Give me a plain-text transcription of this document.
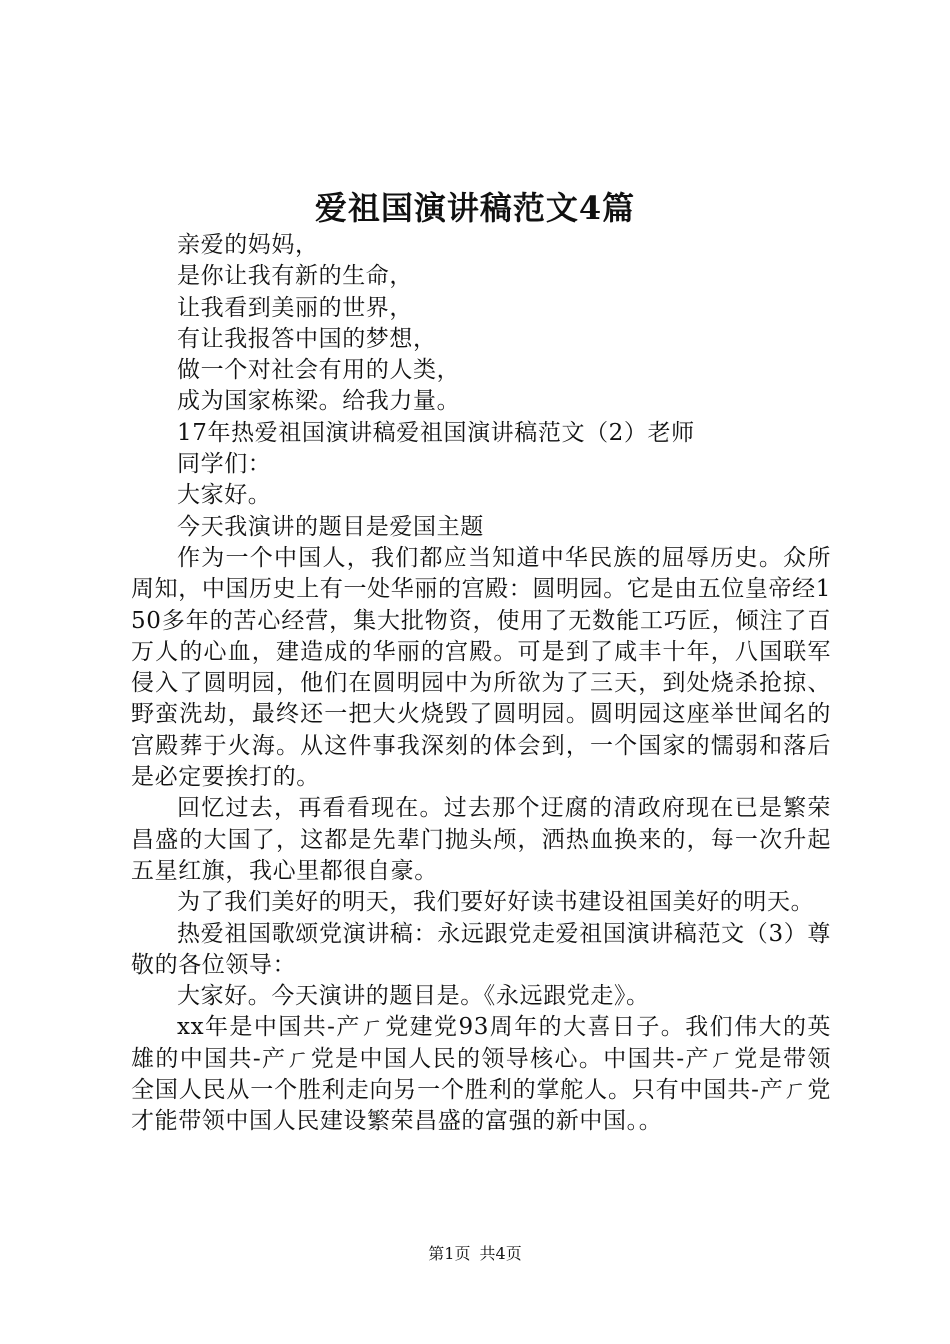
爱祖国演讲稿范文4篇

亲爱的妈妈，

是你让我有新的生命，

让我看到美丽的世界，

有让我报答中国的梦想，

做一个对社会有用的人类，

成为国家栋梁。给我力量。

17年热爱祖国演讲稿爱祖国演讲稿范文（2）老师

同学们：

大家好。

今天我演讲的题目是爱国主题

作为一个中国人，我们都应当知道中华民族的屈辱历史。众所周知，中国历史上有一处华丽的宫殿：圆明园。它是由五位皇帝经150多年的苦心经营，集大批物资，使用了无数能工巧匠，倾注了百万人的心血，建造成的华丽的宫殿。可是到了咸丰十年，八国联军侵入了圆明园，他们在圆明园中为所欲为了三天，到处烧杀抢掠、野蛮洗劫，最终还一把大火烧毁了圆明园。圆明园这座举世闻名的宫殿葬于火海。从这件事我深刻的体会到，一个国家的懦弱和落后是必定要挨打的。

回忆过去，再看看现在。过去那个迂腐的清政府现在已是繁荣昌盛的大国了，这都是先辈门抛头颅，洒热血换来的，每一次升起五星红旗，我心里都很自豪。

为了我们美好的明天，我们要好好读书建设祖国美好的明天。

热爱祖国歌颂党演讲稿：永远跟党走爱祖国演讲稿范文（3）尊敬的各位领导：

大家好。今天演讲的题目是。《永远跟党走》。

xx年是中国共-产ㄏ党建党93周年的大喜日子。我们伟大的英雄的中国共-产ㄏ党是中国人民的领导核心。中国共-产ㄏ党是带领全国人民从一个胜利走向另一个胜利的掌舵人。只有中国共-产ㄏ党才能带领中国人民建设繁荣昌盛的富强的新中国。。

第1页 共4页
